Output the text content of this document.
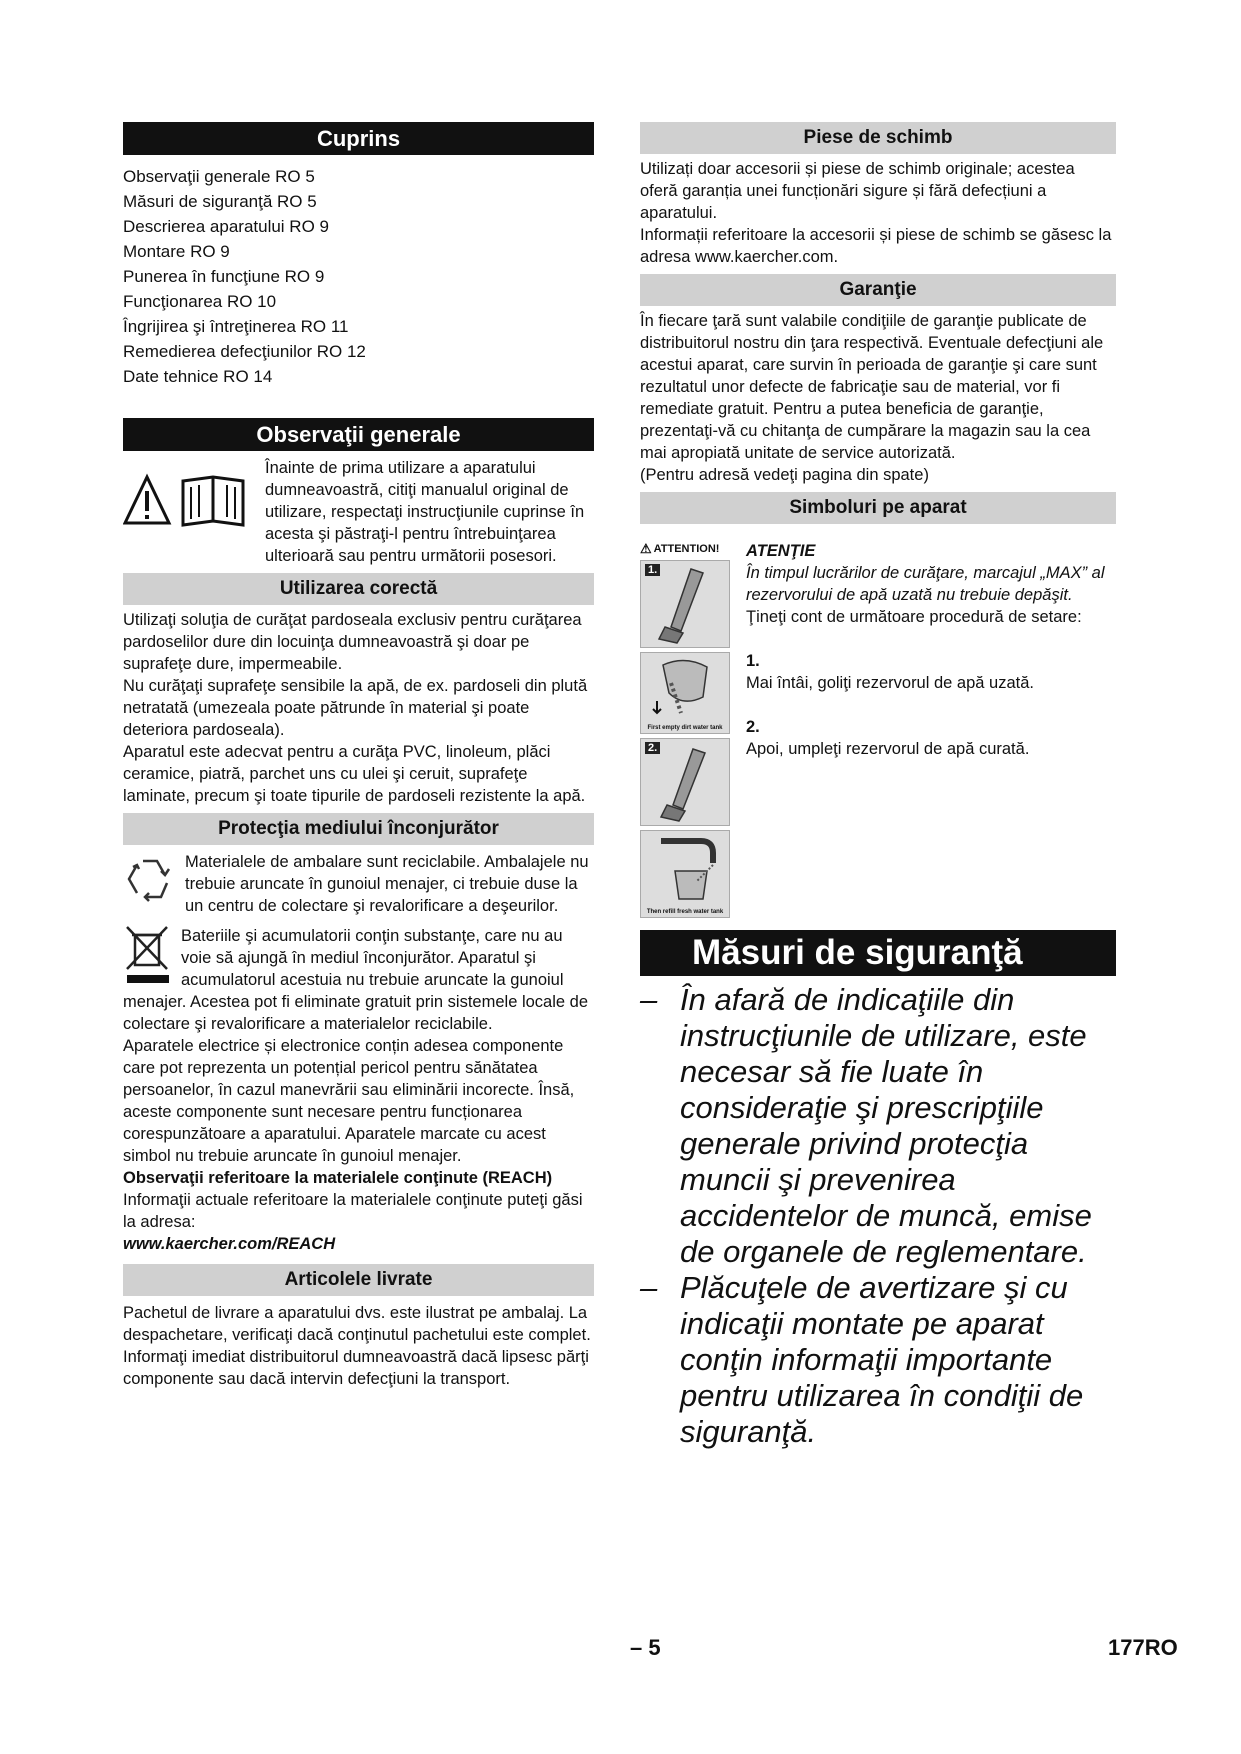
Cuprins
Observaţii generale RO 5
Măsuri de siguranţă RO 5
Descrierea aparatului RO 9
Montare RO 9
Punerea în funcţiune RO 9
Funcţionarea RO 10
Îngrijirea şi întreţinerea RO 11
Remedierea defecţiunilor RO 12
Date tehnice RO 14
Observaţii generale
Înainte de prima utilizare a aparatului dumneavoastră, citiţi manualul original de utilizare, respectaţi instrucţiunile cuprinse în acesta şi păstraţi-l pentru întrebuinţarea ulterioară sau pentru următorii posesori.
Utilizarea corectă
Utilizaţi soluţia de curăţat pardoseala exclusiv pentru curăţarea pardoselilor dure din locuinţa dumneavoastră şi doar pe suprafeţe dure, impermeabile.
Nu curăţaţi suprafeţe sensibile la apă, de ex. pardoseli din plută netratată (umezeala poate pătrunde în material şi poate deteriora pardoseala).
Aparatul este adecvat pentru a curăţa PVC, linoleum, plăci ceramice, piatră, parchet uns cu ulei şi ceruit, suprafeţe laminate, precum şi toate tipurile de pardoseli rezistente la apă.
Protecţia mediului înconjurător
Materialele de ambalare sunt reciclabile. Ambalajele nu trebuie aruncate în gunoiul menajer, ci trebuie duse la un centru de colectare şi revalorificare a deşeurilor.
Bateriile şi acumulatorii conţin substanţe, care nu au voie să ajungă în mediul înconjurător. Aparatul şi acumulatorul acestuia nu trebuie aruncate la gunoiul menajer. Acestea pot fi eliminate gratuit prin sistemele locale de colectare şi revalorificare a materialelor reciclabile.
Aparatele electrice și electronice conțin adesea componente care pot reprezenta un potențial pericol pentru sănătatea persoanelor, în cazul manevrării sau eliminării incorecte. Însă, aceste componente sunt necesare pentru funcționarea corespunzătoare a aparatului. Aparatele marcate cu acest simbol nu trebuie aruncate în gunoiul menajer.
Observaţii referitoare la materialele conţinute (REACH)
Informaţii actuale referitoare la materialele conţinute puteţi găsi la adresa:
www.kaercher.com/REACH
Articolele livrate
Pachetul de livrare a aparatului dvs. este ilustrat pe ambalaj. La despachetare, verificaţi dacă conţinutul pachetului este complet.
Informaţi imediat distribuitorul dumneavoastră dacă lipsesc părţi componente sau dacă intervin defecţiuni la transport.
Piese de schimb
Utilizați doar accesorii și piese de schimb originale; acestea oferă garanția unei funcționări sigure și fără defecțiuni a aparatului.
Informații referitoare la accesorii și piese de schimb se găsesc la adresa www.kaercher.com.
Garanţie
În fiecare ţară sunt valabile condiţiile de garanţie publicate de distribuitorul nostru din ţara respectivă. Eventuale defecţiuni ale acestui aparat, care survin în perioada de garanţie şi care sunt rezultatul unor defecte de fabricaţie sau de material, vor fi remediate gratuit. Pentru a putea beneficia de garanţie, prezentaţi-vă cu chitanţa de cumpărare la magazin sau la cea mai apropiată unitate de service autorizată.
(Pentru adresă vedeţi pagina din spate)
Simboluri pe aparat
⚠ ATTENTION!
1.
First empty dirt water tank
2.
Then refill fresh water tank
ATENŢIE
În timpul lucrărilor de curăţare, marcajul „MAX” al rezervorului de apă uzată nu trebuie depăşit.
Ţineţi cont de următoare procedură de setare:
1.
Mai întâi, goliţi rezervorul de apă uzată.
2.
Apoi, umpleţi rezervorul de apă curată.
Măsuri de siguranţă
– În afară de indicaţiile din instrucţiunile de utilizare, este necesar să fie luate în consideraţie şi prescripţiile generale privind protecţia muncii şi prevenirea accidentelor de muncă, emise de organele de reglementare.
– Plăcuţele de avertizare şi cu indicaţii montate pe aparat conţin informaţii importante pentru utilizarea în condiţii de siguranţă.
– 5	177RO
